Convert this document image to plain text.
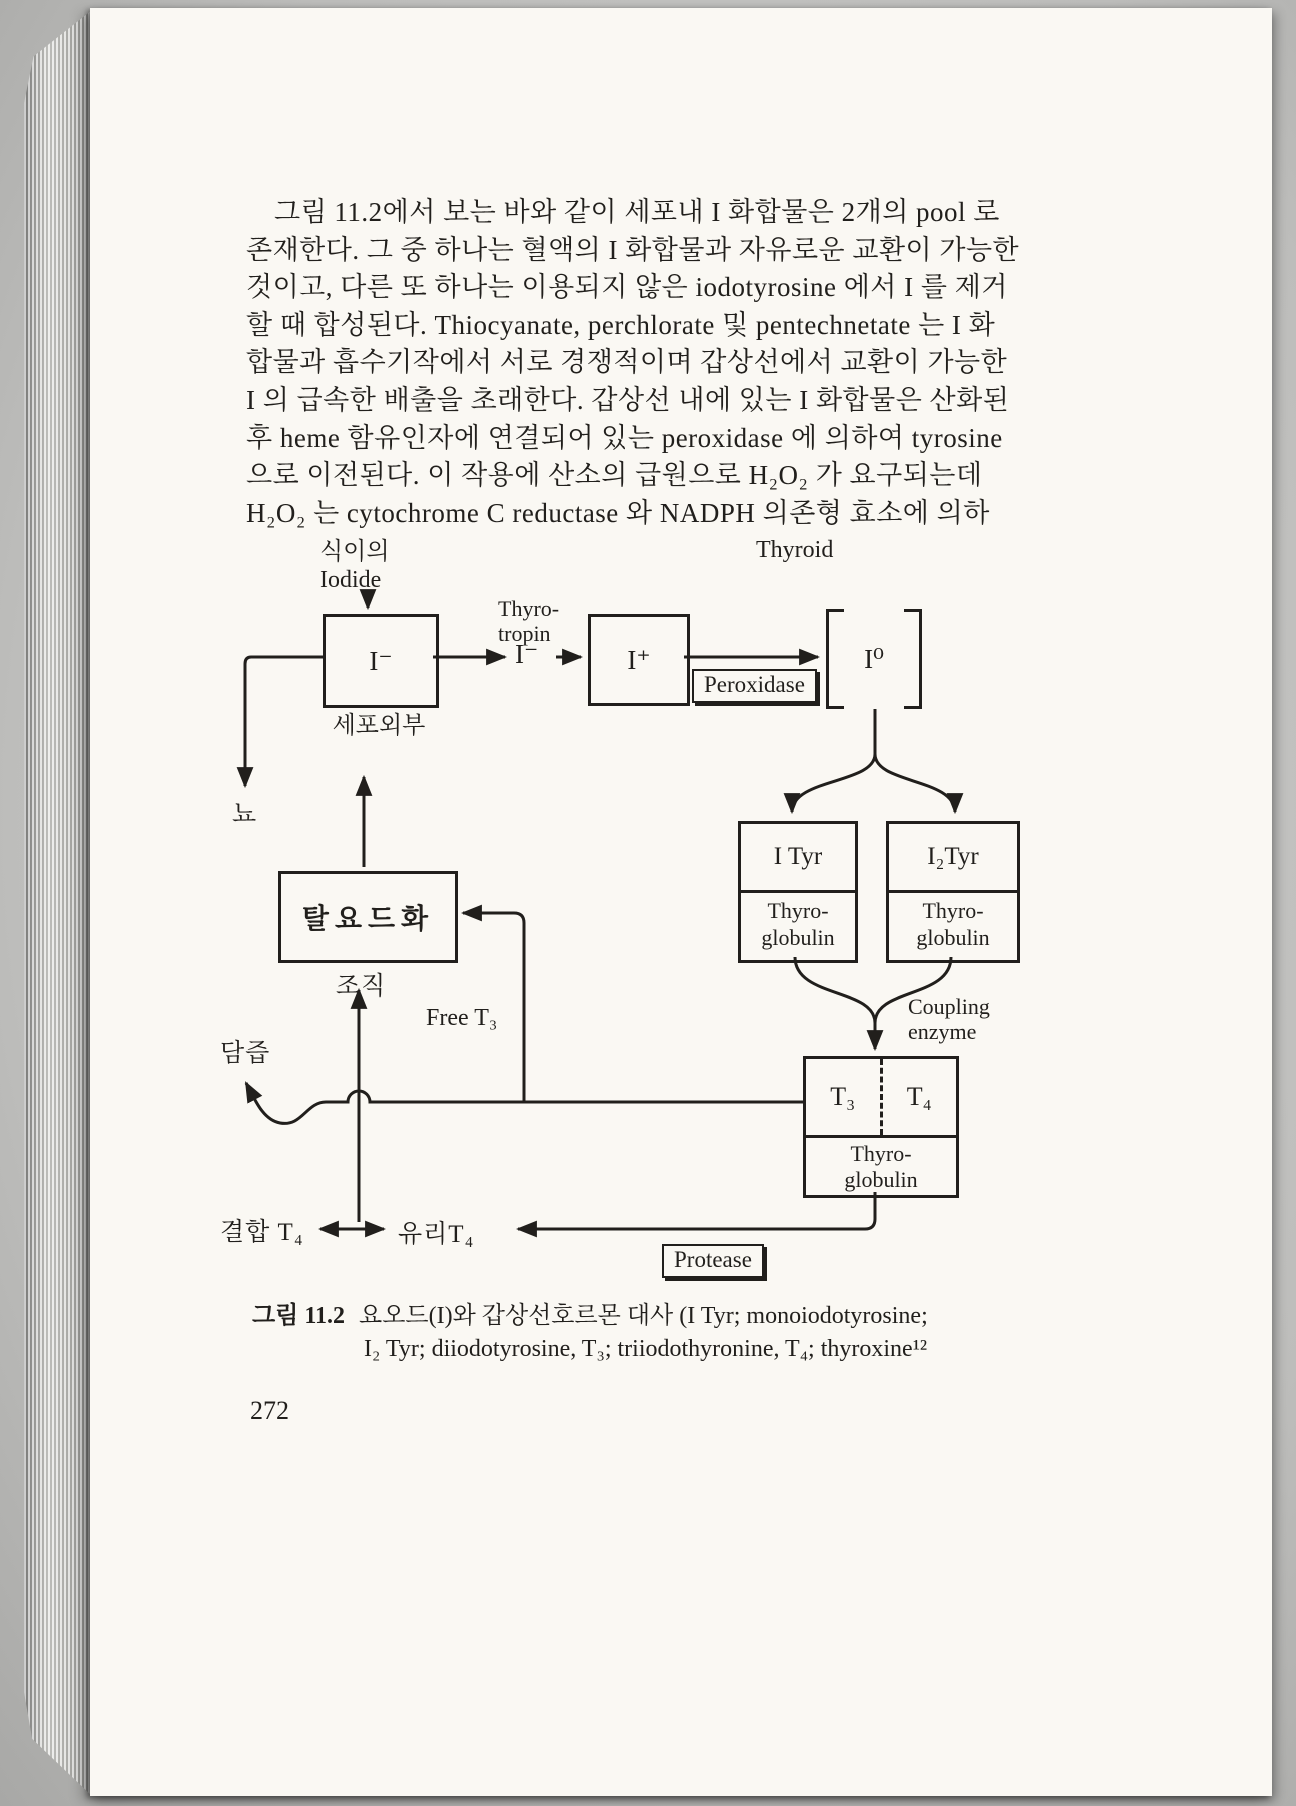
그림 11.2에서 보는 바와 같이 세포내 I 화합물은 2개의 pool 로
존재한다. 그 중 하나는 혈액의 I 화합물과 자유로운 교환이 가능한
것이고, 다른 또 하나는 이용되지 않은 iodotyrosine 에서 I 를 제거
할 때 합성된다. Thiocyanate, perchlorate 및 pentechnetate 는 I 화
합물과 흡수기작에서 서로 경쟁적이며 갑상선에서 교환이 가능한
I 의 급속한 배출을 초래한다. 갑상선 내에 있는 I 화합물은 산화된
후 heme 함유인자에 연결되어 있는 peroxidase 에 의하여 tyrosine
으로 이전된다. 이 작용에 산소의 급원으로 H₂O₂ 가 요구되는데
H₂O₂ 는 cytochrome C reductase 와 NADPH 의존형 효소에 의하
식이의
Iodide
Thyroid
Thyro-
tropin
I⁻	I⁻	I⁺
Peroxidase
I⁰
세포외부
뇨
I Tyr
Thyro-
globulin
I₂Tyr
Thyro-
globulin
Coupling
enzyme
T₃	T₄
Thyro-
globulin
탈요드화
조직
Free T₃
담즙
결합 T₄	유리T₄
Protease
그림 11.2 요오드(I)와 갑상선호르몬 대사 (I Tyr; monoiodotyrosine;
I₂ Tyr; diiodotyrosine, T₃; triiodothyronine, T₄; thyroxine¹²
272
